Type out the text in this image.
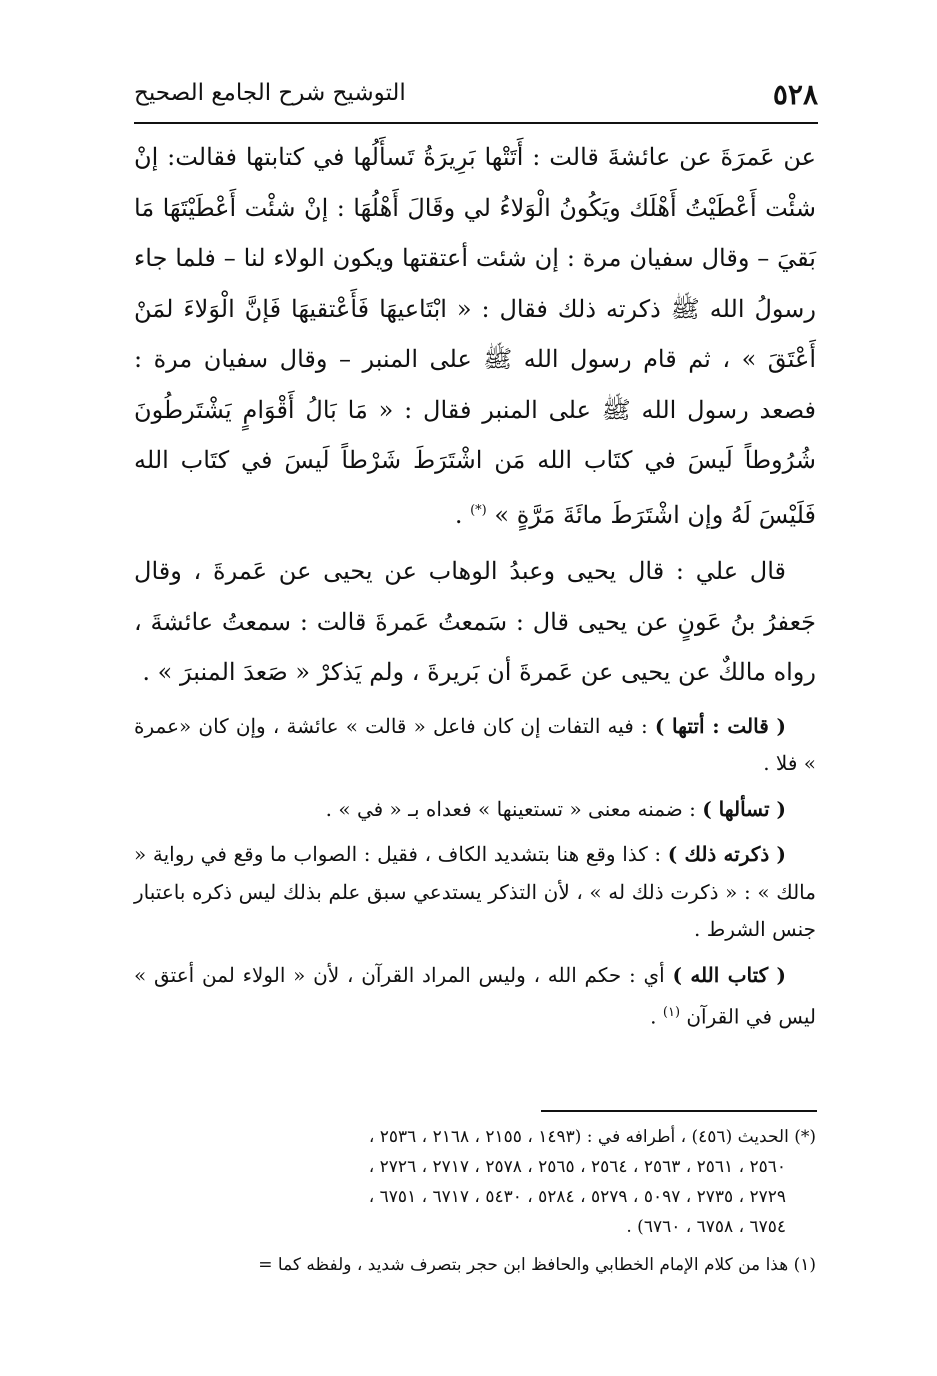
٥٢٨
التوشيح شرح الجامع الصحيح

عن عَمرَةَ عن عائشةَ قالت : أَتَتْها بَرِيرَةُ تَسأَلُها في كتابتها فقالت: إنْ شئْت أَعْطَيْتُ أَهْلَك ويَكُونُ الْوَلاءُ لي وقَالَ أَهْلُهَا : إنْ شئْت أَعْطَيْتَهَا مَا بَقيَ – وقال سفيان مرة : إن شئت أعتقتها ويكون الولاء لنا – فلما جاء رسولُ الله ﷺ ذكرته ذلك فقال : « ابْتَاعيهَا فَأَعْتقيهَا فَإنَّ الْوَلاءَ لمَنْ أَعْتَقَ » ، ثم قام رسول الله ﷺ على المنبر – وقال سفيان مرة : فصعد رسول الله ﷺ على المنبر فقال : « مَا بَالُ أَقْوَامٍ يَشْتَرطُونَ شُرُوطاً لَيسَ في كتَاب الله مَن اشْتَرَطَ شَرْطاً لَيسَ في كتَاب الله فَلَيْسَ لَهُ وإن اشْتَرَطَ مائَةَ مَرَّةٍ » (*) .

قال علي : قال يحيى وعبدُ الوهاب عن يحيى عن عَمرةَ ، وقال جَعفرُ بنُ عَونٍ عن يحيى قال : سَمعتُ عَمرةَ قالت : سمعتُ عائشةَ ، رواه مالكٌ عن يحيى عن عَمرةَ أن بَريرةَ ، ولم يَذكرْ « صَعدَ المنبرَ » .

( قالت : أتتها ) : فيه التفات إن كان فاعل « قالت » عائشة ، وإن كان «عمرة » فلا .

( تسألها ) : ضمنه معنى « تستعينها » فعداه بـ « في » .

( ذكرته ذلك ) : كذا وقع هنا بتشديد الكاف ، فقيل : الصواب ما وقع في رواية « مالك » : « ذكرت ذلك له » ، لأن التذكر يستدعي سبق علم بذلك ليس ذكره باعتبار جنس الشرط .

( كتاب الله ) أي : حكم الله ، وليس المراد القرآن ، لأن « الولاء لمن أعتق » ليس في القرآن $^{(١)}$ .

(*) الحديث (٤٥٦) ، أطرافه في : (١٤٩٣ ، ٢١٥٥ ، ٢١٦٨ ، ٢٥٣٦ ،
٢٥٦٠ ، ٢٥٦١ ، ٢٥٦٣ ، ٢٥٦٤ ، ٢٥٦٥ ، ٢٥٧٨ ، ٢٧١٧ ، ٢٧٢٦ ،
٢٧٢٩ ، ٢٧٣٥ ، ٥٠٩٧ ، ٥٢٧٩ ، ٥٢٨٤ ، ٥٤٣٠ ، ٦٧١٧ ، ٦٧٥١ ،
٦٧٥٤ ، ٦٧٥٨ ، ٦٧٦٠) .

(١) هذا من كلام الإمام الخطابي والحافظ ابن حجر بتصرف شديد ، ولفظه كما =
